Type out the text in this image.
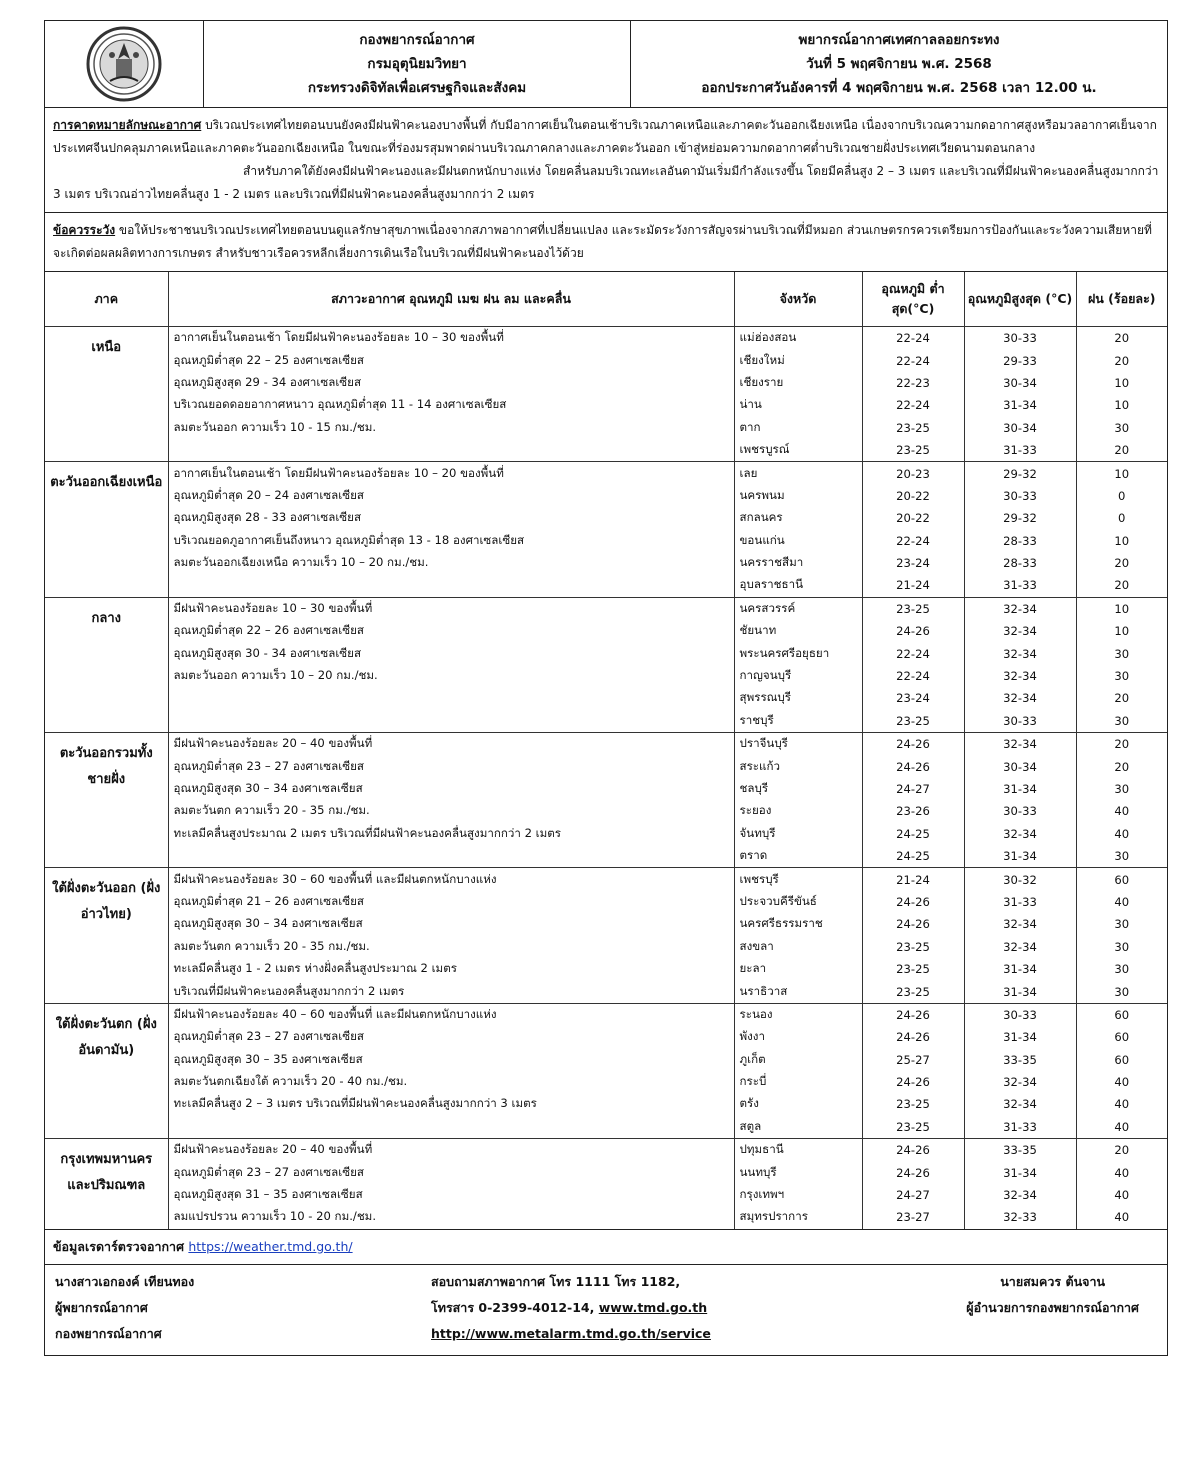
กองพยากรณ์อากาศ
กรมอุตุนิยมวิทยา
กระทรวงดิจิทัลเพื่อเศรษฐกิจและสังคม
พยากรณ์อากาศเทศกาลลอยกระทง
วันที่ 5 พฤศจิกายน พ.ศ. 2568
ออกประกาศวันอังคารที่ 4 พฤศจิกายน พ.ศ. 2568 เวลา 12.00 น.

การคาดหมายลักษณะอากาศ บริเวณประเทศไทยตอนบนยังคงมีฝนฟ้าคะนองบางพื้นที่ กับมีอากาศเย็นในตอนเช้าบริเวณภาคเหนือและภาคตะวันออกเฉียงเหนือ เนื่องจากบริเวณความกดอากาศสูงหรือมวลอากาศเย็นจากประเทศจีนปกคลุมภาคเหนือและภาคตะวันออกเฉียงเหนือ ในขณะที่ร่องมรสุมพาดผ่านบริเวณภาคกลางและภาคตะวันออก เข้าสู่หย่อมความกดอากาศต่ำบริเวณชายฝั่งประเทศเวียดนามตอนกลาง

สำหรับภาคใต้ยังคงมีฝนฟ้าคะนองและมีฝนตกหนักบางแห่ง โดยคลื่นลมบริเวณทะเลอันดามันเริ่มมีกำลังแรงขึ้น โดยมีคลื่นสูง 2 – 3 เมตร และบริเวณที่มีฝนฟ้าคะนองคลื่นสูงมากกว่า 3 เมตร บริเวณอ่าวไทยคลื่นสูง 1 - 2 เมตร และบริเวณที่มีฝนฟ้าคะนองคลื่นสูงมากกว่า 2 เมตร

ข้อควรระวัง ขอให้ประชาชนบริเวณประเทศไทยตอนบนดูแลรักษาสุขภาพเนื่องจากสภาพอากาศที่เปลี่ยนแปลง และระมัดระวังการสัญจรผ่านบริเวณที่มีหมอก ส่วนเกษตรกรควรเตรียมการป้องกันและระวังความเสียหายที่จะเกิดต่อผลผลิตทางการเกษตร สำหรับชาวเรือควรหลีกเลี่ยงการเดินเรือในบริเวณที่มีฝนฟ้าคะนองไว้ด้วย

ภาค	สภาวะอากาศ อุณหภูมิ เมฆ ฝน ลม และคลื่น	จังหวัด	อุณหภูมิ ต่ำสุด(°C)	อุณหภูมิสูงสุด (°C)	ฝน (ร้อยละ)
เหนือ	อากาศเย็นในตอนเช้า โดยมีฝนฟ้าคะนองร้อยละ 10 – 30 ของพื้นที่	แม่ฮ่องสอน	22-24	30-33	20
	อุณหภูมิต่ำสุด 22 – 25 องศาเซลเซียส	เชียงใหม่	22-24	29-33	20
	อุณหภูมิสูงสุด 29 - 34 องศาเซลเซียส	เชียงราย	22-23	30-34	10
	บริเวณยอดดอยอากาศหนาว อุณหภูมิต่ำสุด 11 - 14 องศาเซลเซียส	น่าน	22-24	31-34	10
	ลมตะวันออก ความเร็ว 10 - 15 กม./ชม.	ตาก	23-25	30-34	30
		เพชรบูรณ์	23-25	31-33	20
ตะวันออกเฉียงเหนือ	อากาศเย็นในตอนเช้า โดยมีฝนฟ้าคะนองร้อยละ 10 – 20 ของพื้นที่	เลย	20-23	29-32	10
	อุณหภูมิต่ำสุด 20 – 24 องศาเซลเซียส	นครพนม	20-22	30-33	0
	อุณหภูมิสูงสุด 28 - 33 องศาเซลเซียส	สกลนคร	20-22	29-32	0
	บริเวณยอดภูอากาศเย็นถึงหนาว อุณหภูมิต่ำสุด 13 - 18 องศาเซลเซียส	ขอนแก่น	22-24	28-33	10
	ลมตะวันออกเฉียงเหนือ ความเร็ว 10 – 20 กม./ชม.	นครราชสีมา	23-24	28-33	20
		อุบลราชธานี	21-24	31-33	20
กลาง	มีฝนฟ้าคะนองร้อยละ 10 – 30 ของพื้นที่	นครสวรรค์	23-25	32-34	10
	อุณหภูมิต่ำสุด 22 – 26 องศาเซลเซียส	ชัยนาท	24-26	32-34	10
	อุณหภูมิสูงสุด 30 - 34 องศาเซลเซียส	พระนครศรีอยุธยา	22-24	32-34	30
	ลมตะวันออก ความเร็ว 10 – 20 กม./ชม.	กาญจนบุรี	22-24	32-34	30
		สุพรรณบุรี	23-24	32-34	20
		ราชบุรี	23-25	30-33	30
ตะวันออกรวมทั้งชายฝั่ง	มีฝนฟ้าคะนองร้อยละ 20 – 40 ของพื้นที่	ปราจีนบุรี	24-26	32-34	20
	อุณหภูมิต่ำสุด 23 – 27 องศาเซลเซียส	สระแก้ว	24-26	30-34	20
	อุณหภูมิสูงสุด 30 – 34 องศาเซลเซียส	ชลบุรี	24-27	31-34	30
	ลมตะวันตก ความเร็ว 20 - 35 กม./ชม.	ระยอง	23-26	30-33	40
	ทะเลมีคลื่นสูงประมาณ 2 เมตร บริเวณที่มีฝนฟ้าคะนองคลื่นสูงมากกว่า 2 เมตร	จันทบุรี	24-25	32-34	40
		ตราด	24-25	31-34	30
ใต้ฝั่งตะวันออก (ฝั่งอ่าวไทย)	มีฝนฟ้าคะนองร้อยละ 30 – 60 ของพื้นที่ และมีฝนตกหนักบางแห่ง	เพชรบุรี	21-24	30-32	60
	อุณหภูมิต่ำสุด 21 – 26 องศาเซลเซียส	ประจวบคีรีขันธ์	24-26	31-33	40
	อุณหภูมิสูงสุด 30 – 34 องศาเซลเซียส	นครศรีธรรมราช	24-26	32-34	30
	ลมตะวันตก ความเร็ว 20 - 35 กม./ชม.	สงขลา	23-25	32-34	30
	ทะเลมีคลื่นสูง 1 - 2 เมตร ห่างฝั่งคลื่นสูงประมาณ 2 เมตร	ยะลา	23-25	31-34	30
	บริเวณที่มีฝนฟ้าคะนองคลื่นสูงมากกว่า 2 เมตร	นราธิวาส	23-25	31-34	30
ใต้ฝั่งตะวันตก (ฝั่งอันดามัน)	มีฝนฟ้าคะนองร้อยละ 40 – 60 ของพื้นที่ และมีฝนตกหนักบางแห่ง	ระนอง	24-26	30-33	60
	อุณหภูมิต่ำสุด 23 – 27 องศาเซลเซียส	พังงา	24-26	31-34	60
	อุณหภูมิสูงสุด 30 – 35 องศาเซลเซียส	ภูเก็ต	25-27	33-35	60
	ลมตะวันตกเฉียงใต้ ความเร็ว 20 - 40 กม./ชม.	กระบี่	24-26	32-34	40
	ทะเลมีคลื่นสูง 2 – 3 เมตร บริเวณที่มีฝนฟ้าคะนองคลื่นสูงมากกว่า 3 เมตร	ตรัง	23-25	32-34	40
		สตูล	23-25	31-33	40
กรุงเทพมหานครและปริมณฑล	มีฝนฟ้าคะนองร้อยละ 20 – 40 ของพื้นที่	ปทุมธานี	24-26	33-35	20
	อุณหภูมิต่ำสุด 23 – 27 องศาเซลเซียส	นนทบุรี	24-26	31-34	40
	อุณหภูมิสูงสุด 31 – 35 องศาเซลเซียส	กรุงเทพฯ	24-27	32-34	40
	ลมแปรปรวน ความเร็ว 10 - 20 กม./ชม.	สมุทรปราการ	23-27	32-33	40
ข้อมูลเรดาร์ตรวจอากาศ https://weather.tmd.go.th/
นางสาวเอกองค์ เทียนทอง
ผู้พยากรณ์อากาศ
กองพยากรณ์อากาศ
สอบถามสภาพอากาศ โทร 1111 โทร 1182,
โทรสาร 0-2399-4012-14, www.tmd.go.th
http://www.metalarm.tmd.go.th/service
นายสมควร ต้นจาน
ผู้อำนวยการกองพยากรณ์อากาศ
